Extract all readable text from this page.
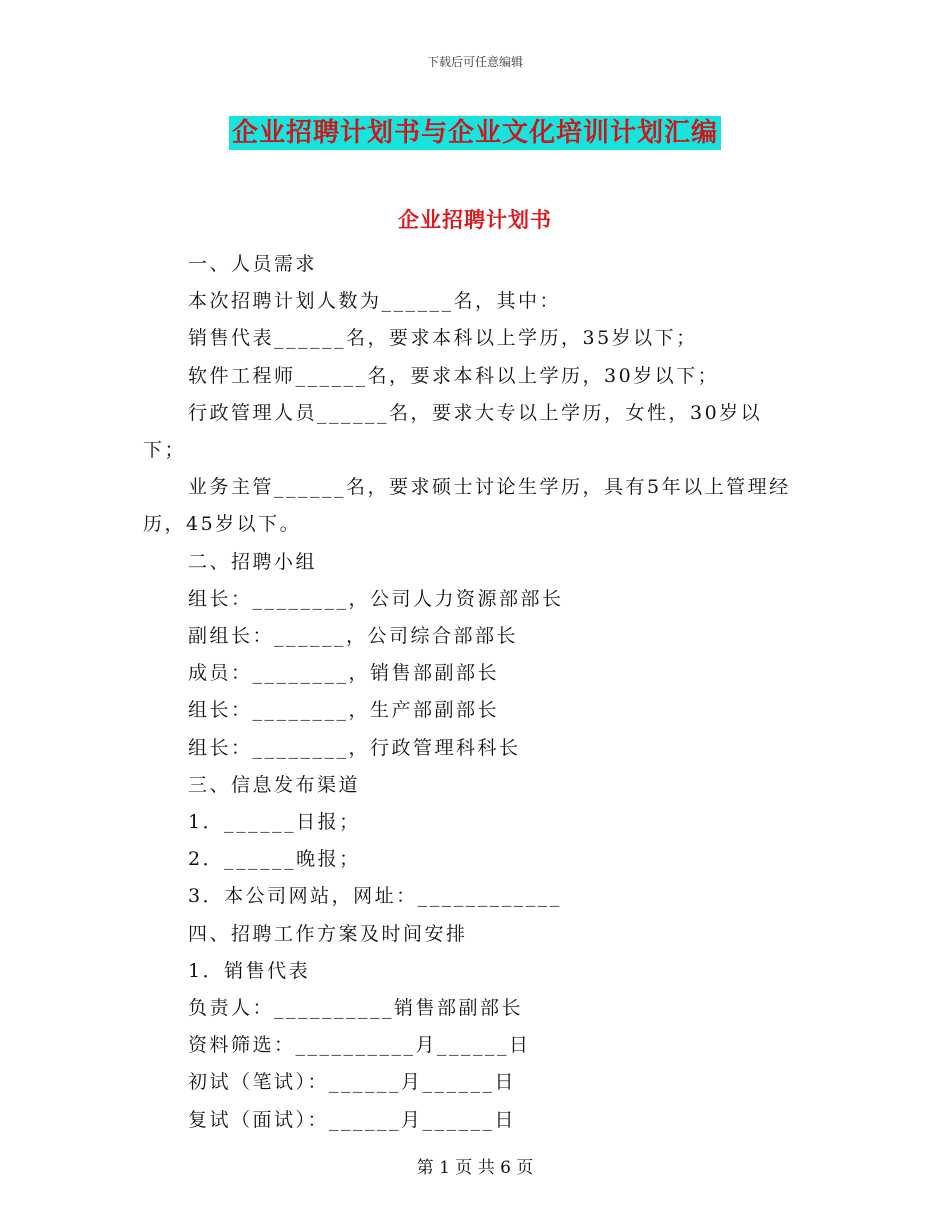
下载后可任意编辑
企业招聘计划书与企业文化培训计划汇编
企业招聘计划书

一、人员需求

本次招聘计划人数为______名，其中：

销售代表______名，要求本科以上学历，35岁以下；

软件工程师______名，要求本科以上学历，30岁以下；

行政管理人员______名，要求大专以上学历，女性，30岁以下；

业务主管______名，要求硕士讨论生学历，具有5年以上管理经历，45岁以下。

二、招聘小组

组长：________，公司人力资源部部长

副组长：______，公司综合部部长

成员：________，销售部副部长

组长：________，生产部副部长

组长：________，行政管理科科长

三、信息发布渠道

1．______日报；

2．______晚报；

3．本公司网站，网址：____________

四、招聘工作方案及时间安排

1．销售代表

负责人：__________销售部副部长

资料筛选：__________月______日

初试（笔试）：______月______日

复试（面试）：______月______日

第 1 页 共 6 页
